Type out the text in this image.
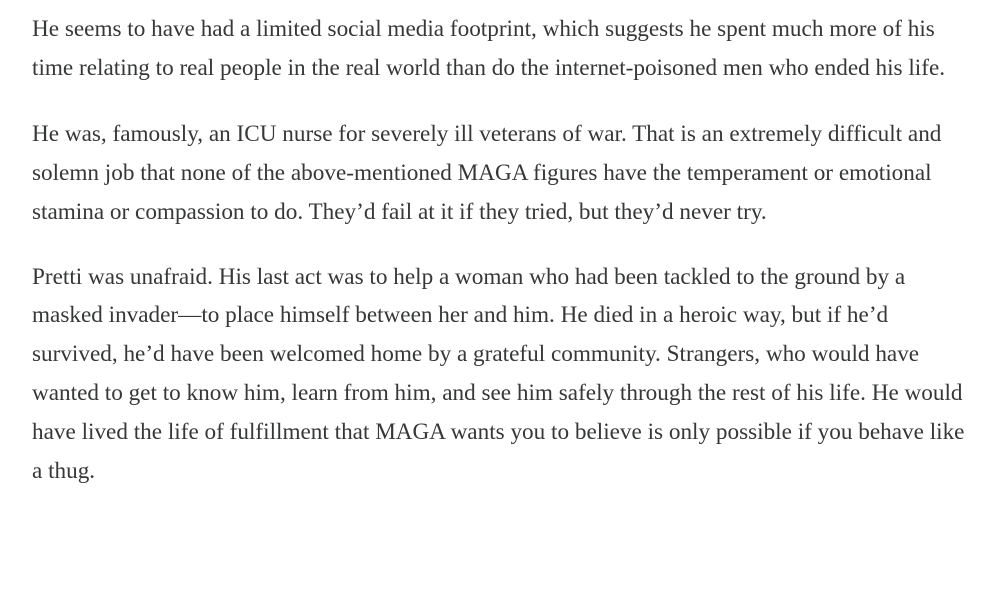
He seems to have had a limited social media footprint, which suggests he spent much more of his time relating to real people in the real world than do the internet-poisoned men who ended his life.

He was, famously, an ICU nurse for severely ill veterans of war. That is an extremely difficult and solemn job that none of the above-mentioned MAGA figures have the temperament or emotional stamina or compassion to do. They’d fail at it if they tried, but they’d never try.

Pretti was unafraid. His last act was to help a woman who had been tackled to the ground by a masked invader—to place himself between her and him. He died in a heroic way, but if he’d survived, he’d have been welcomed home by a grateful community. Strangers, who would have wanted to get to know him, learn from him, and see him safely through the rest of his life. He would have lived the life of fulfillment that MAGA wants you to believe is only possible if you behave like a thug.
